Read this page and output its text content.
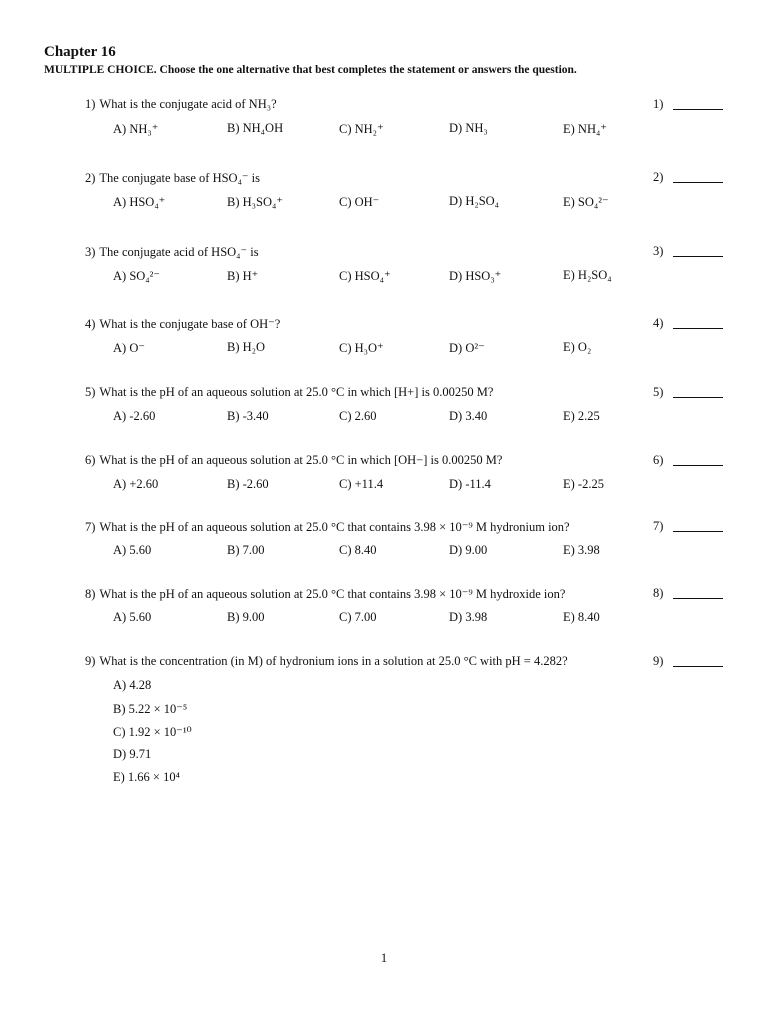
Chapter 16
MULTIPLE CHOICE. Choose the one alternative that best completes the statement or answers the question.
1) What is the conjugate acid of NH₃?	1)
A) NH₃⁺	B) NH₄OH	C) NH₂⁺	D) NH₃	E) NH₄⁺
2) The conjugate base of HSO₄⁻ is	2)
A) HSO₄⁺	B) H₃SO₄⁺	C) OH⁻	D) H₂SO₄	E) SO₄²⁻
3) The conjugate acid of HSO₄⁻ is	3)
A) SO₄²⁻	B) H⁺	C) HSO₄⁺	D) HSO₃⁺	E) H₂SO₄
4) What is the conjugate base of OH⁻?	4)
A) O⁻	B) H₂O	C) H₃O⁺	D) O²⁻	E) O₂
5) What is the pH of an aqueous solution at 25.0 °C in which [H+] is 0.00250 M?	5)
A) -2.60	B) -3.40	C) 2.60	D) 3.40	E) 2.25
6) What is the pH of an aqueous solution at 25.0 °C in which [OH−] is 0.00250 M?	6)
A) +2.60	B) -2.60	C) +11.4	D) -11.4	E) -2.25
7) What is the pH of an aqueous solution at 25.0 °C that contains 3.98 × 10⁻⁹ M hydronium ion?	7)
A) 5.60	B) 7.00	C) 8.40	D) 9.00	E) 3.98
8) What is the pH of an aqueous solution at 25.0 °C that contains 3.98 × 10⁻⁹ M hydroxide ion?	8)
A) 5.60	B) 9.00	C) 7.00	D) 3.98	E) 8.40
9) What is the concentration (in M) of hydronium ions in a solution at 25.0 °C with pH = 4.282?	9)
A) 4.28
B) 5.22 × 10⁻⁵
C) 1.92 × 10⁻¹⁰
D) 9.71
E) 1.66 × 10⁴
1
